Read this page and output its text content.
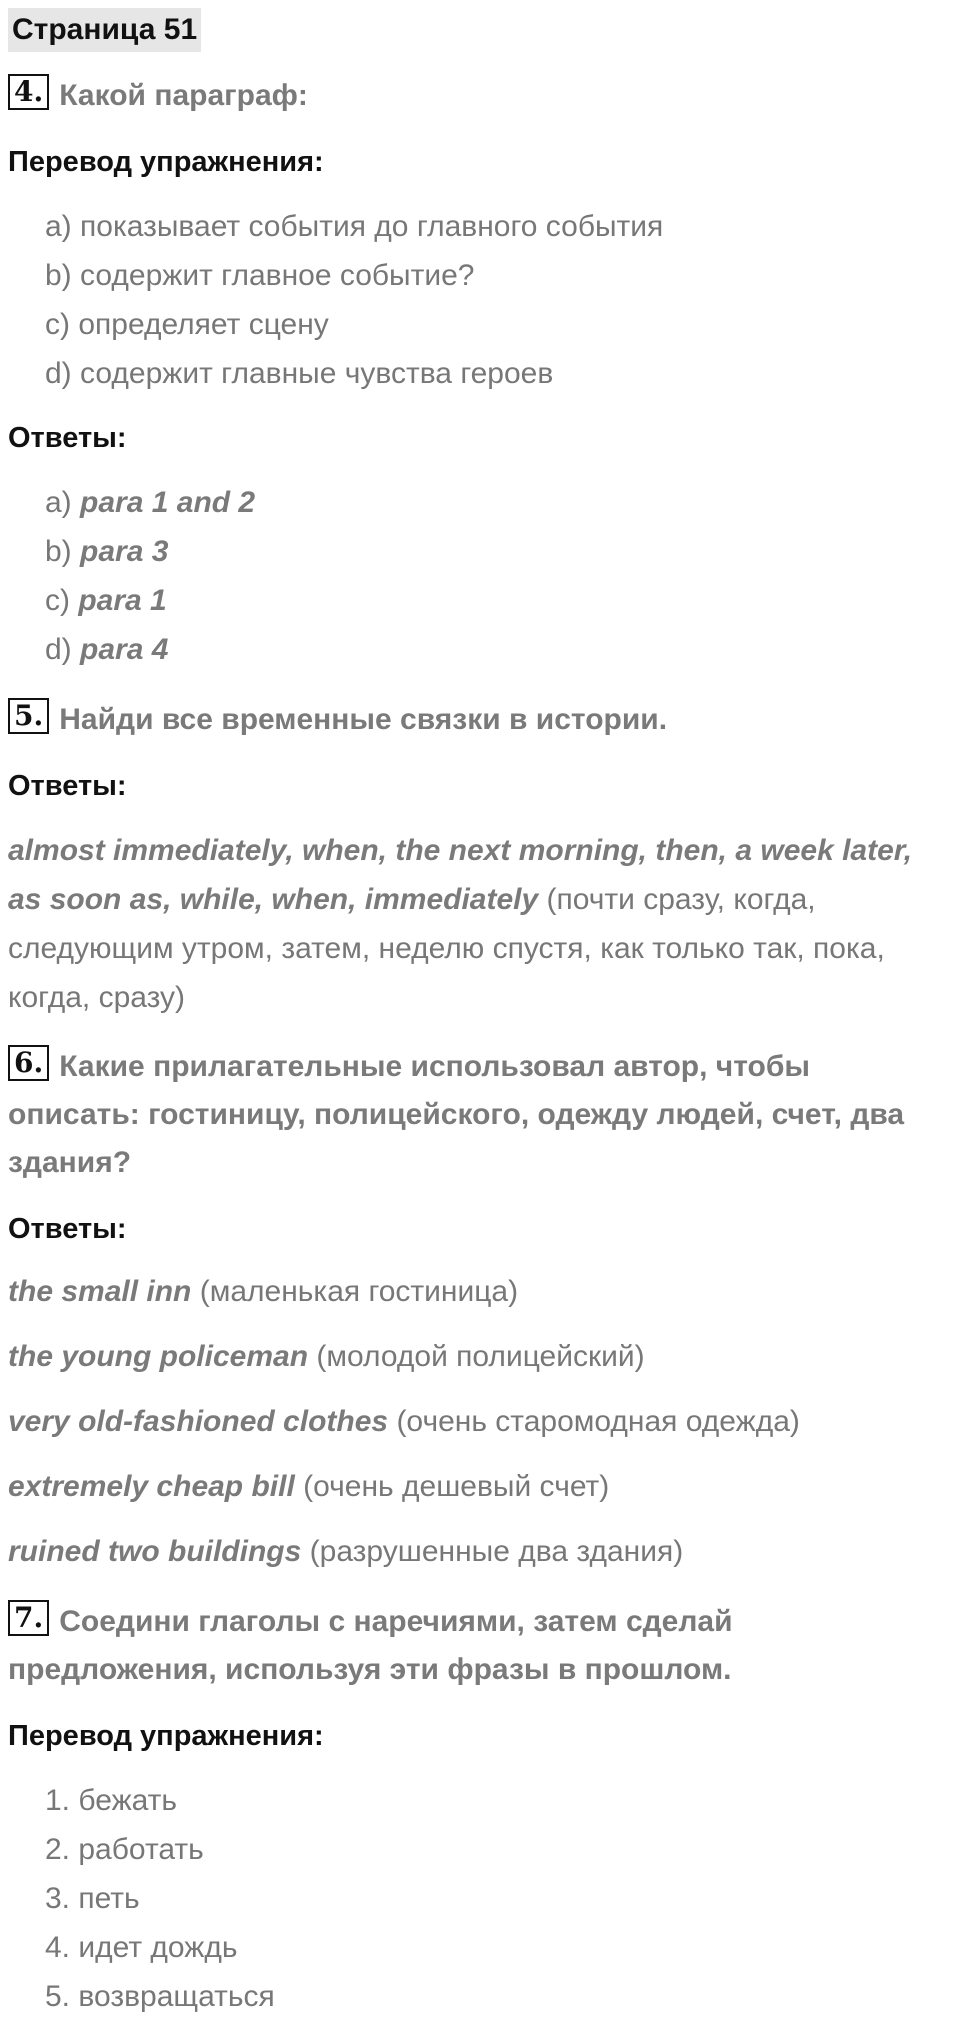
Страница 51
4. Какой параграф:
Перевод упражнения:
a) показывает события до главного события
b) содержит главное событие?
c) определяет сцену
d) содержит главные чувства героев
Ответы:
a) para 1 and 2
b) para 3
c) para 1
d) para 4
5. Найди все временные связки в истории.
Ответы:
almost immediately, when, the next morning, then, a week later, as soon as, while, when, immediately (почти сразу, когда, следующим утром, затем, неделю спустя, как только так, пока, когда, сразу)
6. Какие прилагательные использовал автор, чтобы описать: гостиницу, полицейского, одежду людей, счет, два здания?
Ответы:
the small inn (маленькая гостиница)
the young policeman (молодой полицейский)
very old-fashioned clothes (очень старомодная одежда)
extremely cheap bill (очень дешевый счет)
ruined two buildings (разрушенные два здания)
7. Соедини глаголы с наречиями, затем сделай предложения, используя эти фразы в прошлом.
Перевод упражнения:
1. бежать
2. работать
3. петь
4. идет дождь
5. возвращаться
